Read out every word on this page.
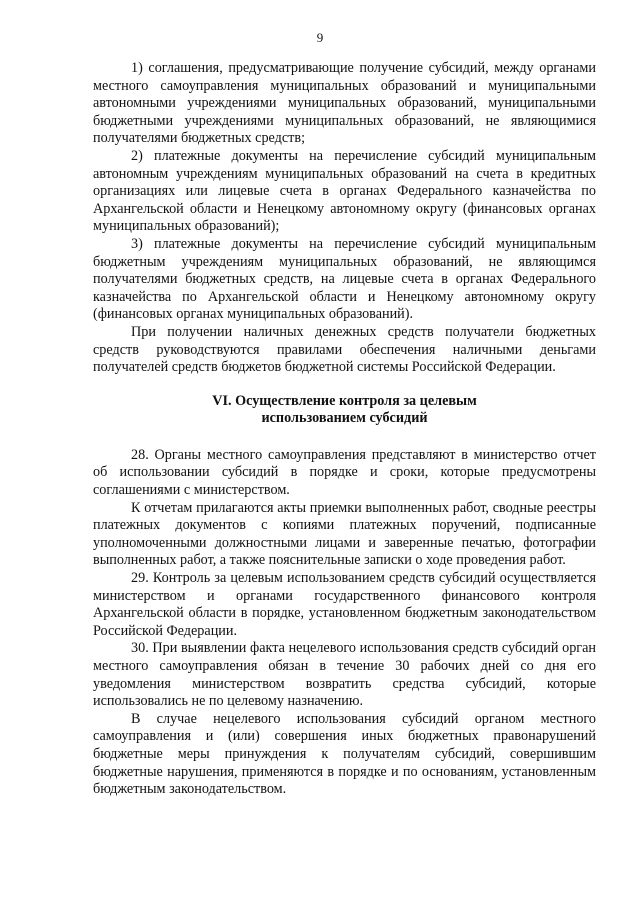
9

1) соглашения, предусматривающие получение субсидий, между органами местного самоуправления муниципальных образований и муниципальными автономными учреждениями муниципальных образований, муниципальными бюджетными учреждениями муниципальных образований, не являющимися получателями бюджетных средств;

2) платежные документы на перечисление субсидий муниципальным автономным учреждениям муниципальных образований на счета в кредитных организациях или лицевые счета в органах Федерального казначейства по Архангельской области и Ненецкому автономному округу (финансовых органах муниципальных образований);

3) платежные документы на перечисление субсидий муниципальным бюджетным учреждениям муниципальных образований, не являющимся получателями бюджетных средств, на лицевые счета в органах Федерального казначейства по Архангельской области и Ненецкому автономному округу (финансовых органах муниципальных образований).

При получении наличных денежных средств получатели бюджетных средств руководствуются правилами обеспечения наличными деньгами получателей средств бюджетов бюджетной системы Российской Федерации.

VI. Осуществление контроля за целевым
использованием субсидий

28. Органы местного самоуправления представляют в министерство отчет об использовании субсидий в порядке и сроки, которые предусмотрены соглашениями с министерством.

К отчетам прилагаются акты приемки выполненных работ, сводные реестры платежных документов с копиями платежных поручений, подписанные уполномоченными должностными лицами и заверенные печатью, фотографии выполненных работ, а также пояснительные записки о ходе проведения работ.

29. Контроль за целевым использованием средств субсидий осуществляется министерством и органами государственного финансового контроля Архангельской области в порядке, установленном бюджетным законодательством Российской Федерации.

30. При выявлении факта нецелевого использования средств субсидий орган местного самоуправления обязан в течение 30 рабочих дней со дня его уведомления министерством возвратить средства субсидий, которые использовались не по целевому назначению.

В случае нецелевого использования субсидий органом местного самоуправления и (или) совершения иных бюджетных правонарушений бюджетные меры принуждения к получателям субсидий, совершившим бюджетные нарушения, применяются в порядке и по основаниям, установленным бюджетным законодательством.
